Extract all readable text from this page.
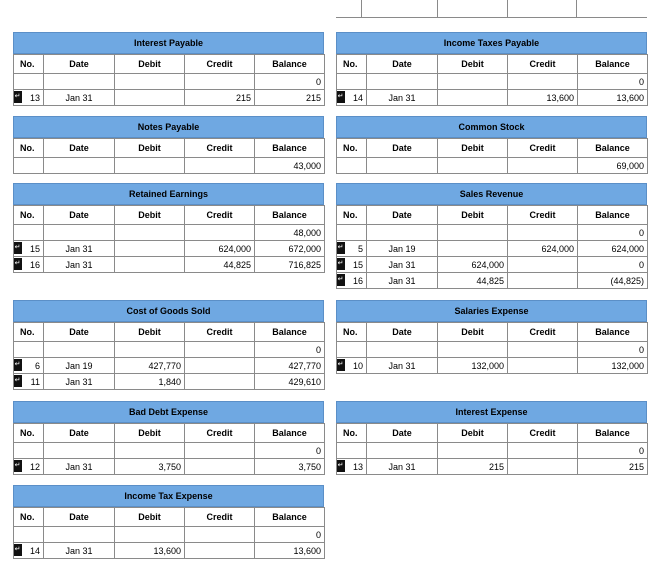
Interest Payable
No.	Date	Debit	Credit	Balance
				0

↵ 13	Jan 31		215	215
Income Taxes Payable
No.	Date	Debit	Credit	Balance
				0

↵ 14	Jan 31		13,600	13,600
Notes Payable
No.	Date	Debit	Credit	Balance
				43,000
Common Stock
No.	Date	Debit	Credit	Balance
				69,000
Retained Earnings
No.	Date	Debit	Credit	Balance
				48,000

↵ 15	Jan 31		624,000	672,000

↵ 16	Jan 31		44,825	716,825
Sales Revenue
No.	Date	Debit	Credit	Balance
				0

↵ 5	Jan 19		624,000	624,000

↵ 15	Jan 31	624,000		0

↵ 16	Jan 31	44,825		(44,825)
Cost of Goods Sold
No.	Date	Debit	Credit	Balance
				0

↵ 6	Jan 19	427,770		427,770

↵ 11	Jan 31	1,840		429,610
Salaries Expense
No.	Date	Debit	Credit	Balance
				0

↵ 10	Jan 31	132,000		132,000
Bad Debt Expense
No.	Date	Debit	Credit	Balance
				0

↵ 12	Jan 31	3,750		3,750
Interest Expense
No.	Date	Debit	Credit	Balance
				0

↵ 13	Jan 31	215		215
Income Tax Expense
No.	Date	Debit	Credit	Balance
				0

↵ 14	Jan 31	13,600		13,600
